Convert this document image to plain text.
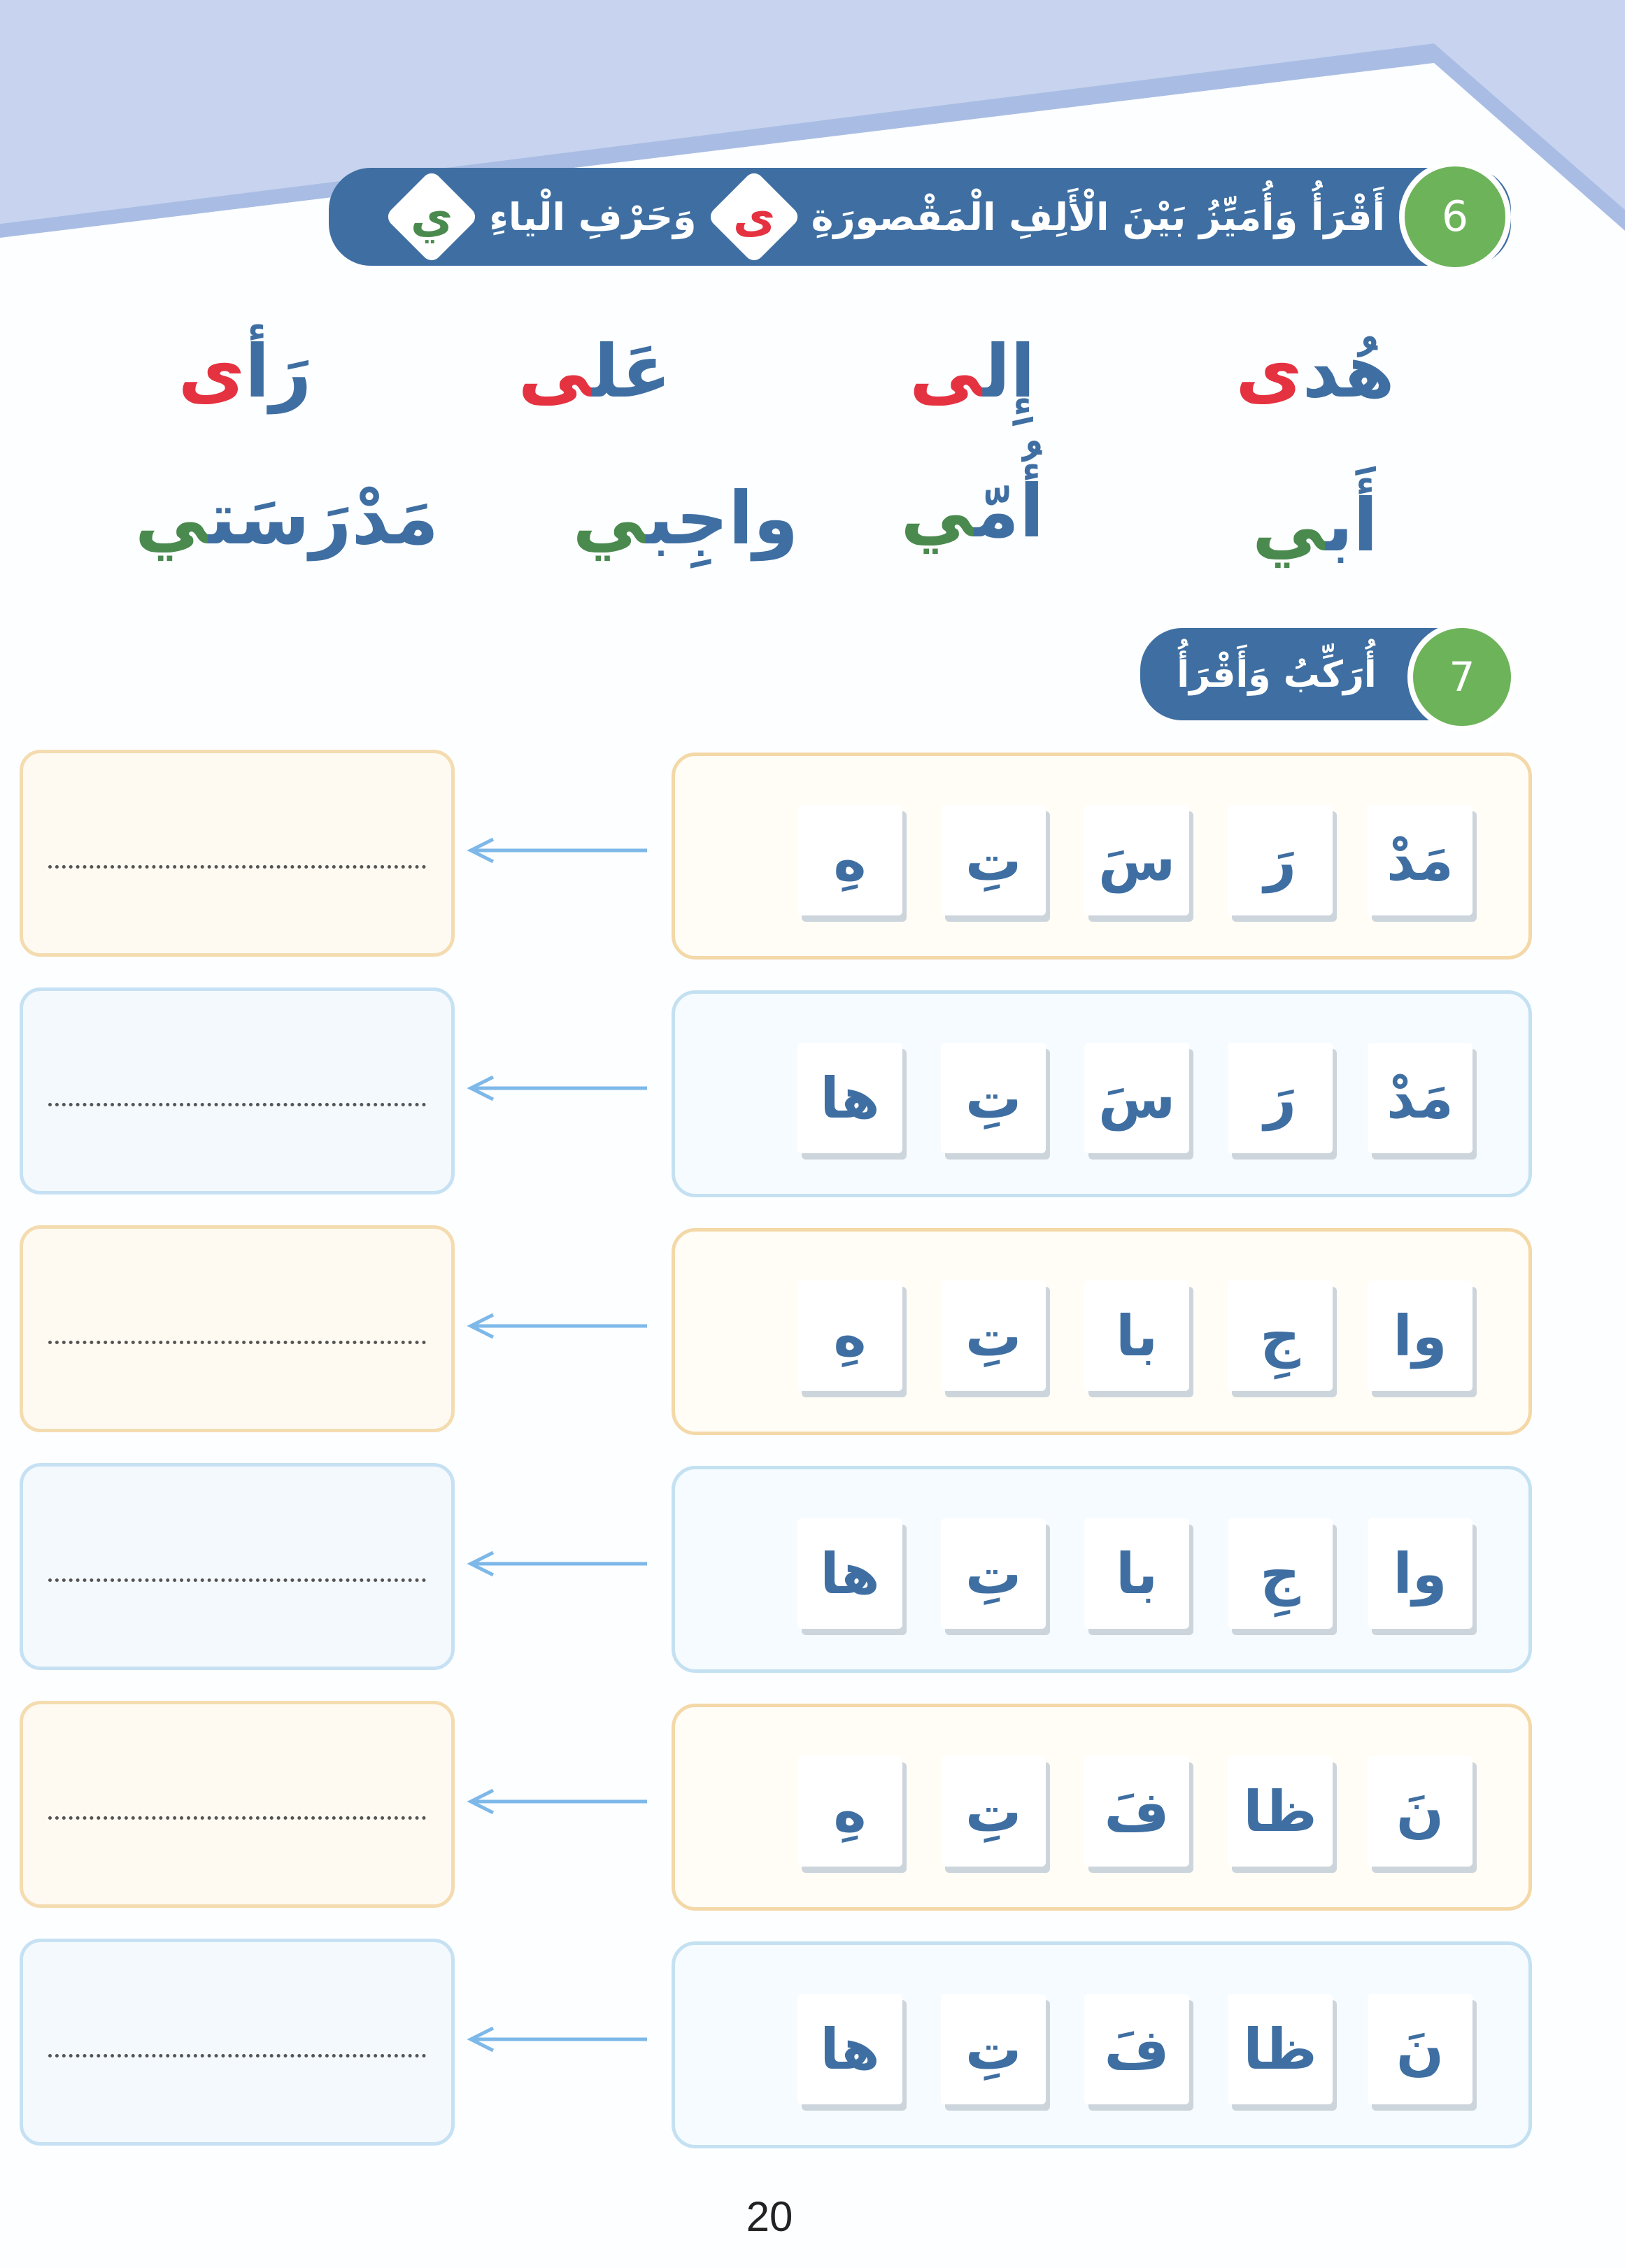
6
أَقْرَأُ وَأُمَيِّزُ بَيْنَ الْأَلِفِ الْمَقْصورَةِ
ى
وَحَرْفِ الْياءِ
ي
هُدى
إِلى
عَلى
رَأى
أَبي
أُمّي
واجِبي
مَدْرَسَتي
7
أُرَكِّبُ وَأَقْرَأُ
مَدْ
رَ
سَ
تِ
هِ
مَدْ
رَ
سَ
تِ
ها
وا
جِ
با
تِ
هِ
وا
جِ
با
تِ
ها
نَ
ظا
فَ
تِ
هِ
نَ
ظا
فَ
تِ
ها
20
